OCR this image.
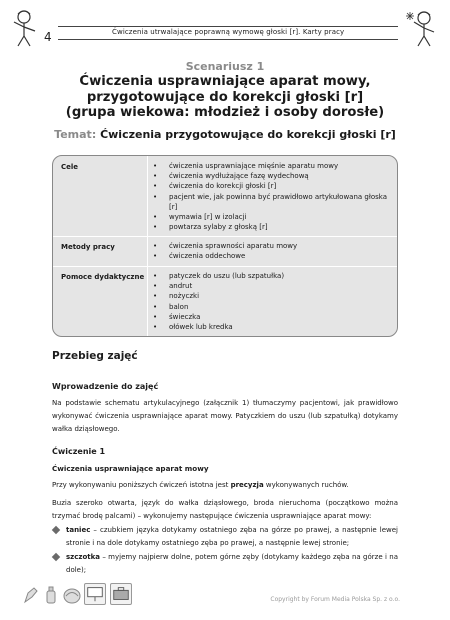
4	Ćwiczenia utrwalające poprawną wymowę głoski [r]. Karty pracy
Scenariusz 1
Ćwiczenia usprawniające aparat mowy,
przygotowujące do korekcji głoski [r]
(grupa wiekowa: młodzież i osoby dorosłe)
Temat: Ćwiczenia przygotowujące do korekcji głoski [r]
Cele	• ćwiczenia usprawniające mięśnie aparatu mowy
• ćwiczenia wydłużające fazę wydechową
• ćwiczenia do korekcji głoski [r]
• pacjent wie, jak powinna być prawidłowo artykułowana głoska [r]
• wymawia [r] w izolacji
• powtarza sylaby z głoską [r]
Metody pracy	• ćwiczenia sprawności aparatu mowy
• ćwiczenia oddechowe
Pomoce dydaktyczne	• patyczek do uszu (lub szpatułka)
• andrut
• nożyczki
• balon
• świeczka
• ołówek lub kredka
Przebieg zajęć
Wprowadzenie do zajęć
Na podstawie schematu artykulacyjnego (załącznik 1) tłumaczymy pacjentowi, jak prawidłowo wykonywać ćwiczenia usprawniające aparat mowy. Patyczkiem do uszu (lub szpatułką) dotykamy wałka dziąsłowego.
Ćwiczenie 1
Ćwiczenia usprawniające aparat mowy
Przy wykonywaniu poniższych ćwiczeń istotna jest precyzja wykonywanych ruchów.
Buzia szeroko otwarta, język do wałka dziąsłowego, broda nieruchoma (początkowo można trzymać brodę palcami) – wykonujemy następujące ćwiczenia usprawniające aparat mowy:
taniec – czubkiem języka dotykamy ostatniego zęba na górze po prawej, a następnie lewej stronie i na dole dotykamy ostatniego zęba po prawej, a następnie lewej stronie;
szczotka – myjemy najpierw dolne, potem górne zęby (dotykamy każdego zęba na górze i na dole);
Copyright by Forum Media Polska Sp. z o.o.
